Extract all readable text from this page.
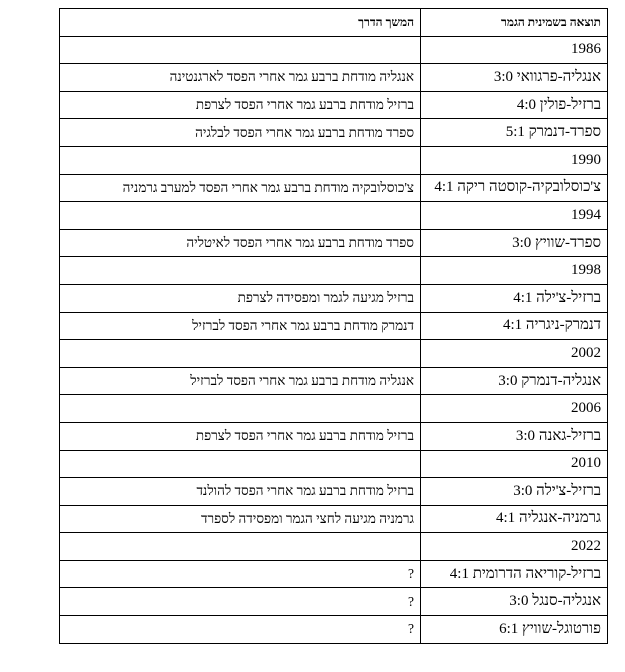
תוצאה בשמינית הגמר	המשך הדרך
1986	
אנגליה-פרגוואי 3:0	אנגליה מודחת ברבע גמר אחרי הפסד לארגנטינה
ברזיל-פולין 4:0	ברזיל מודחת ברבע גמר אחרי הפסד לצרפת
ספרד-דנמרק 5:1	ספרד מודחת ברבע גמר אחרי הפסד לבלגיה
1990	
צ'כוסלובקיה-קוסטה ריקה 4:1	צ'כוסלובקיה מודחת ברבע גמר אחרי הפסד למערב גרמניה
1994	
ספרד-שוויץ 3:0	ספרד מודחת ברבע גמר אחרי הפסד לאיטליה
1998	
ברזיל-צ'ילה 4:1	ברזיל מגיעה לגמר ומפסידה לצרפת
דנמרק-ניגריה 4:1	דנמרק מודחת ברבע גמר אחרי הפסד לברזיל
2002	
אנגליה-דנמרק 3:0	אנגליה מודחת ברבע גמר אחרי הפסד לברזיל
2006	
ברזיל-גאנה 3:0	ברזיל מודחת ברבע גמר אחרי הפסד לצרפת
2010	
ברזיל-צ'ילה 3:0	ברזיל מודחת ברבע גמר אחרי הפסד להולנד
גרמניה-אנגליה 4:1	גרמניה מגיעה לחצי הגמר ומפסידה לספרד
2022	
ברזיל-קוריאה הדרומית 4:1	?
אנגליה-סנגל 3:0	?
פורטוגל-שוויץ 6:1	?
